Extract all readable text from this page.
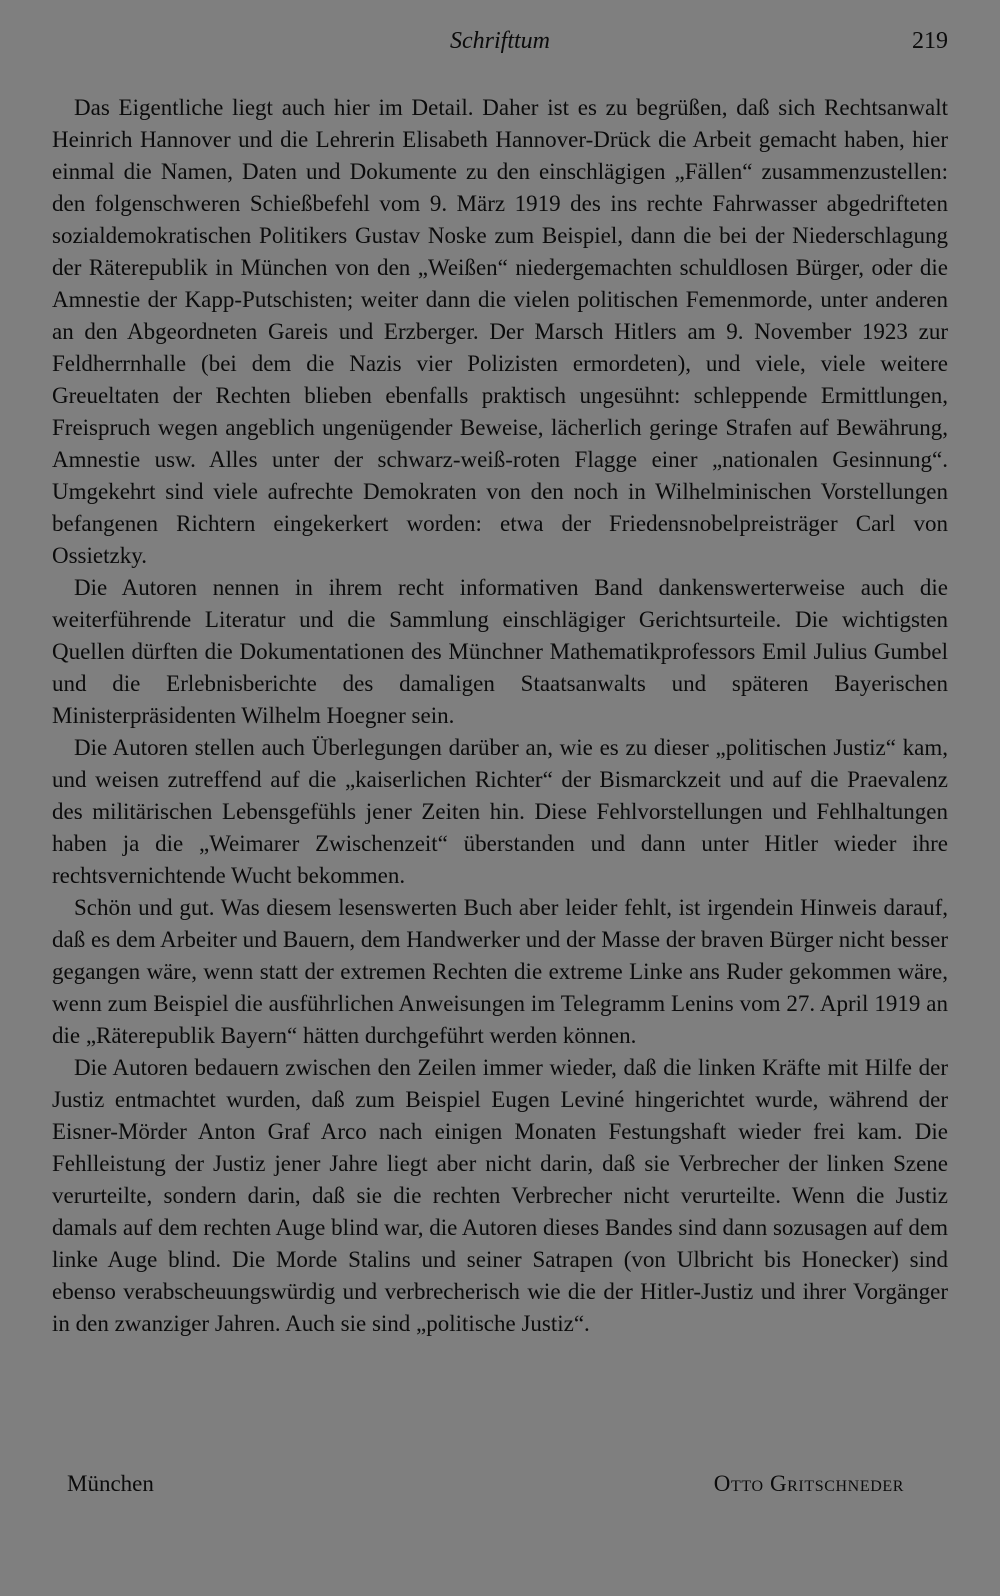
Schrifttum	219

Das Eigentliche liegt auch hier im Detail. Daher ist es zu begrüßen, daß sich Rechtsanwalt Heinrich Hannover und die Lehrerin Elisabeth Hannover-Drück die Arbeit gemacht haben, hier einmal die Namen, Daten und Dokumente zu den einschlägigen „Fällen“ zusammenzustellen: den folgenschweren Schießbefehl vom 9. März 1919 des ins rechte Fahrwasser abgedrifteten sozialdemokratischen Politikers Gustav Noske zum Beispiel, dann die bei der Niederschlagung der Räterepublik in München von den „Weißen“ niedergemachten schuldlosen Bürger, oder die Amnestie der Kapp-Putschisten; weiter dann die vielen politischen Femenmorde, unter anderen an den Abgeordneten Gareis und Erzberger. Der Marsch Hitlers am 9. November 1923 zur Feldherrnhalle (bei dem die Nazis vier Polizisten ermordeten), und viele, viele weitere Greueltaten der Rechten blieben ebenfalls praktisch ungesühnt: schleppende Ermittlungen, Freispruch wegen angeblich ungenügender Beweise, lächerlich geringe Strafen auf Bewährung, Amnestie usw. Alles unter der schwarz-weiß-roten Flagge einer „nationalen Gesinnung“. Umgekehrt sind viele aufrechte Demokraten von den noch in Wilhelminischen Vorstellungen befangenen Richtern eingekerkert worden: etwa der Friedensnobelpreisträger Carl von Ossietzky.

Die Autoren nennen in ihrem recht informativen Band dankenswerterweise auch die weiterführende Literatur und die Sammlung einschlägiger Gerichtsurteile. Die wichtigsten Quellen dürften die Dokumentationen des Münchner Mathematikprofessors Emil Julius Gumbel und die Erlebnisberichte des damaligen Staatsanwalts und späteren Bayerischen Ministerpräsidenten Wilhelm Hoegner sein.

Die Autoren stellen auch Überlegungen darüber an, wie es zu dieser „politischen Justiz“ kam, und weisen zutreffend auf die „kaiserlichen Richter“ der Bismarckzeit und auf die Praevalenz des militärischen Lebensgefühls jener Zeiten hin. Diese Fehlvorstellungen und Fehlhaltungen haben ja die „Weimarer Zwischenzeit“ überstanden und dann unter Hitler wieder ihre rechtsvernichtende Wucht bekommen.

Schön und gut. Was diesem lesenswerten Buch aber leider fehlt, ist irgendein Hinweis darauf, daß es dem Arbeiter und Bauern, dem Handwerker und der Masse der braven Bürger nicht besser gegangen wäre, wenn statt der extremen Rechten die extreme Linke ans Ruder gekommen wäre, wenn zum Beispiel die ausführlichen Anweisungen im Telegramm Lenins vom 27. April 1919 an die „Räterepublik Bayern“ hätten durchgeführt werden können.

Die Autoren bedauern zwischen den Zeilen immer wieder, daß die linken Kräfte mit Hilfe der Justiz entmachtet wurden, daß zum Beispiel Eugen Leviné hingerichtet wurde, während der Eisner-Mörder Anton Graf Arco nach einigen Monaten Festungshaft wieder frei kam. Die Fehlleistung der Justiz jener Jahre liegt aber nicht darin, daß sie Verbrecher der linken Szene verurteilte, sondern darin, daß sie die rechten Verbrecher nicht verurteilte. Wenn die Justiz damals auf dem rechten Auge blind war, die Autoren dieses Bandes sind dann sozusagen auf dem linke Auge blind. Die Morde Stalins und seiner Satrapen (von Ulbricht bis Honecker) sind ebenso verabscheuungswürdig und verbrecherisch wie die der Hitler-Justiz und ihrer Vorgänger in den zwanziger Jahren. Auch sie sind „politische Justiz“.

München	Otto Gritschneder
